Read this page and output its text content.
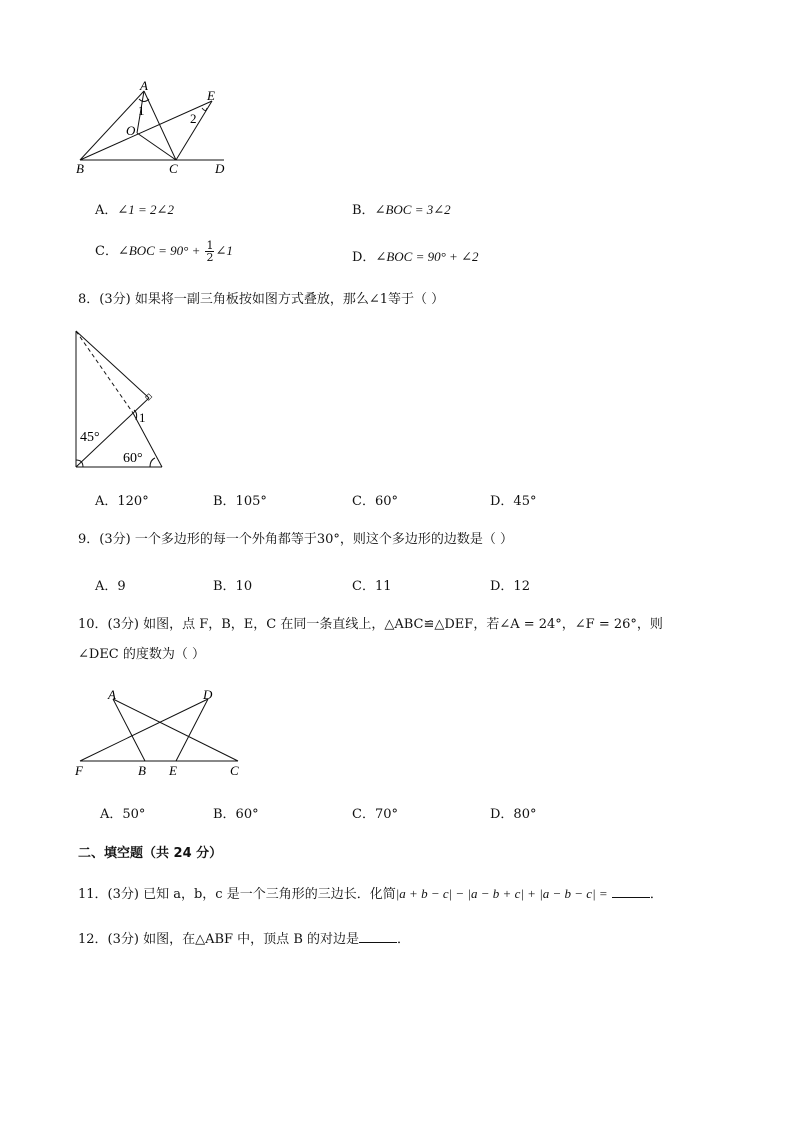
A
E
1
2
O
B	C	D
A．∠1 = 2∠2	B．∠BOC = 3∠2
C．∠BOC = $90^\circ + \frac{1}{2}$ ∠1	D．∠BOC = 90° + ∠2
8．(3分) 如果将一副三角板按如图方式叠放，那么∠1等于（ ）
1
45°
60°
A．120°	B．105°	C．60°	D．45°
9．(3分) 一个多边形的每一个外角都等于30°，则这个多边形的边数是（ ）
A．9	B．10	C．11	D．12
10．(3分) 如图，点 F，B，E，C 在同一条直线上，△ABC≌△DEF，若∠A = 24°，∠F = 26°，则
∠DEC 的度数为（ ）
A	D
F	B E	C
A．50°	B．60°	C．70°	D．80°
二、填空题（共 24 分）
11．(3分) 已知 a，b，c 是一个三角形的三边长．化简|a + b − c| − |a − b + c| + |a − b − c| =	．
12．(3分) 如图，在△ABF 中，顶点 B 的对边是	．
